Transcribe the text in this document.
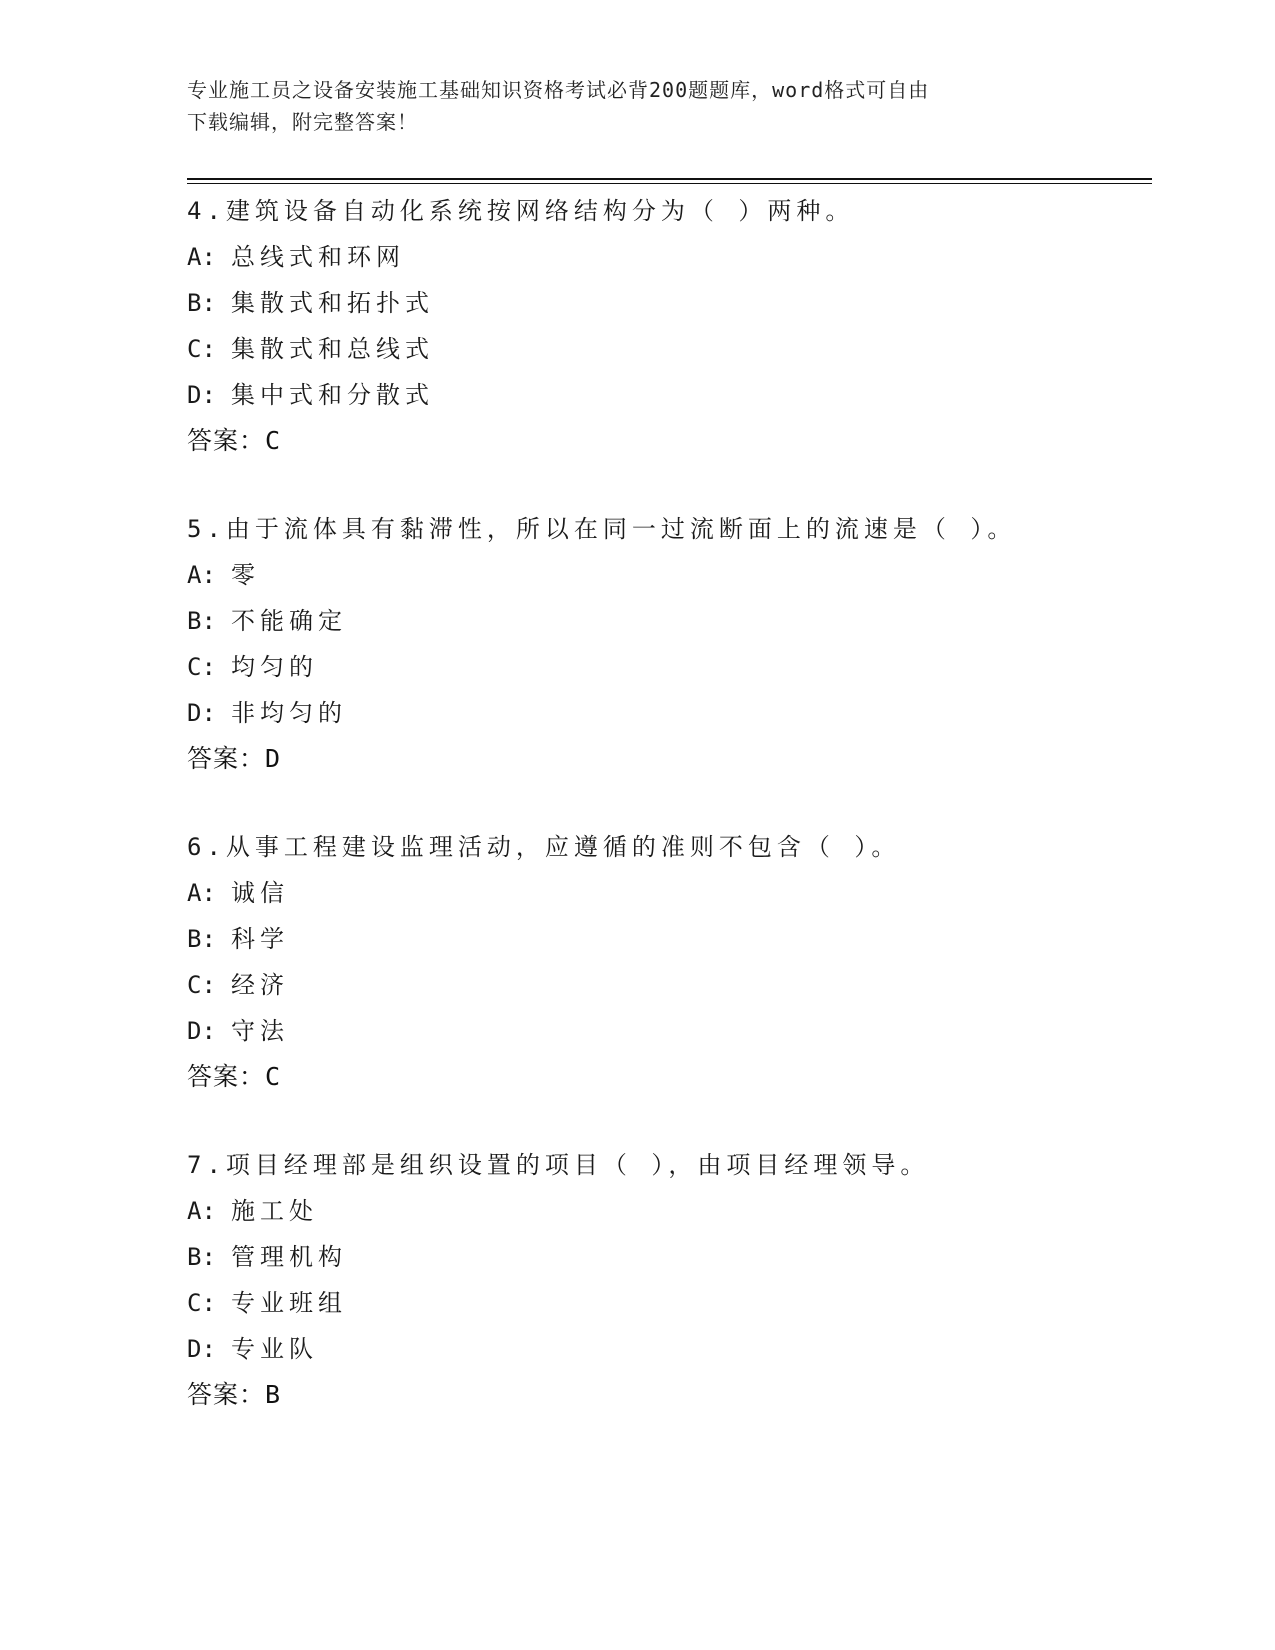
专业施工员之设备安装施工基础知识资格考试必背200题题库，word格式可自由
下载编辑，附完整答案！
4.建筑设备自动化系统按网络结构分为（ ）两种。
A: 总线式和环网
B: 集散式和拓扑式
C: 集散式和总线式
D: 集中式和分散式
答案：C
5.由于流体具有黏滞性，所以在同一过流断面上的流速是（ ）。
A: 零
B: 不能确定
C: 均匀的
D: 非均匀的
答案：D
6.从事工程建设监理活动，应遵循的准则不包含（ ）。
A: 诚信
B: 科学
C: 经济
D: 守法
答案：C
7.项目经理部是组织设置的项目（ ），由项目经理领导。
A: 施工处
B: 管理机构
C: 专业班组
D: 专业队
答案：B
